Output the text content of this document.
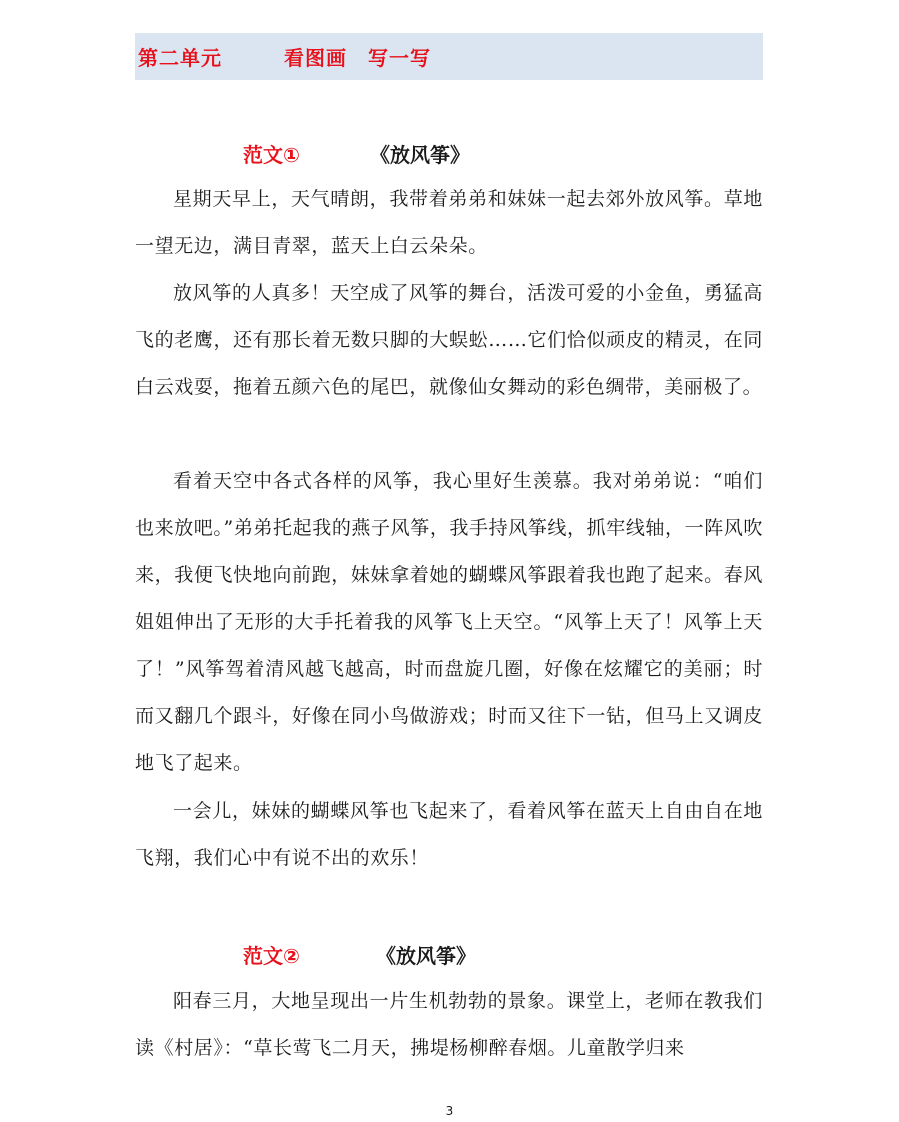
第二单元	看图画　写一写
范文①	《放风筝》

星期天早上，天气晴朗，我带着弟弟和妹妹一起去郊外放风筝。草地一望无边，满目青翠，蓝天上白云朵朵。

放风筝的人真多！天空成了风筝的舞台，活泼可爱的小金鱼，勇猛高飞的老鹰，还有那长着无数只脚的大蜈蚣……它们恰似顽皮的精灵，在同白云戏耍，拖着五颜六色的尾巴，就像仙女舞动的彩色绸带，美丽极了。

看着天空中各式各样的风筝，我心里好生羡慕。我对弟弟说：“咱们也来放吧。”弟弟托起我的燕子风筝，我手持风筝线，抓牢线轴，一阵风吹来，我便飞快地向前跑，妹妹拿着她的蝴蝶风筝跟着我也跑了起来。春风姐姐伸出了无形的大手托着我的风筝飞上天空。“风筝上天了！风筝上天了！”风筝驾着清风越飞越高，时而盘旋几圈，好像在炫耀它的美丽；时而又翻几个跟斗，好像在同小鸟做游戏；时而又往下一钻，但马上又调皮地飞了起来。

一会儿，妹妹的蝴蝶风筝也飞起来了，看着风筝在蓝天上自由自在地飞翔，我们心中有说不出的欢乐！

范文②	《放风筝》

阳春三月，大地呈现出一片生机勃勃的景象。课堂上，老师在教我们读《村居》：“草长莺飞二月天，拂堤杨柳醉春烟。儿童散学归来

3
